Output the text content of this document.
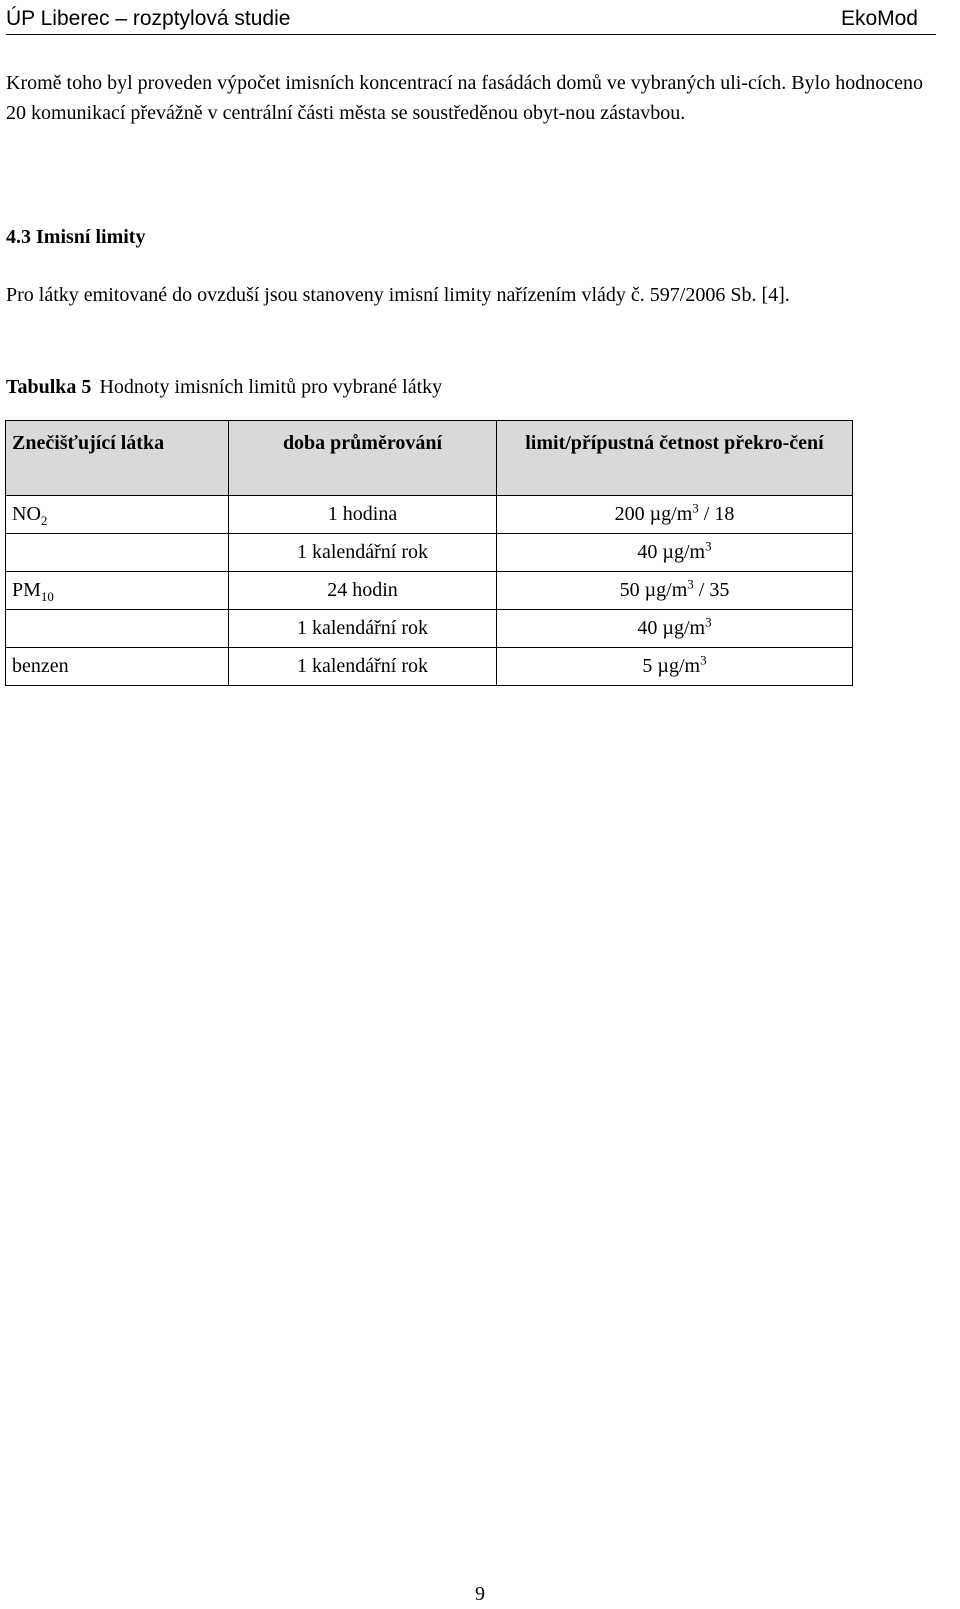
ÚP Liberec – rozptylová studie	EkoMod
Kromě toho byl proveden výpočet imisních koncentrací na fasádách domů ve vybraných uli-cích. Bylo hodnoceno 20 komunikací převážně v centrální části města se soustředěnou obyt-nou zástavbou.
4.3 Imisní limity
Pro látky emitované do ovzduší jsou stanoveny imisní limity nařízením vlády č. 597/2006 Sb. [4].
Tabulka 5 Hodnoty imisních limitů pro vybrané látky
Znečišťující látka	doba průměrování	limit/přípustná četnost překro-čení
$NO_2$	1 hodina	200 $\mu g/m^3 / 18$
	1 kalendářní rok	40 $\mu g/m^3$
$PM_{10}$	24 hodin	50 $\mu g/m^3 / 35$
	1 kalendářní rok	40 $\mu g/m^3$
benzen	1 kalendářní rok	5 $\mu g/m^3$
9
